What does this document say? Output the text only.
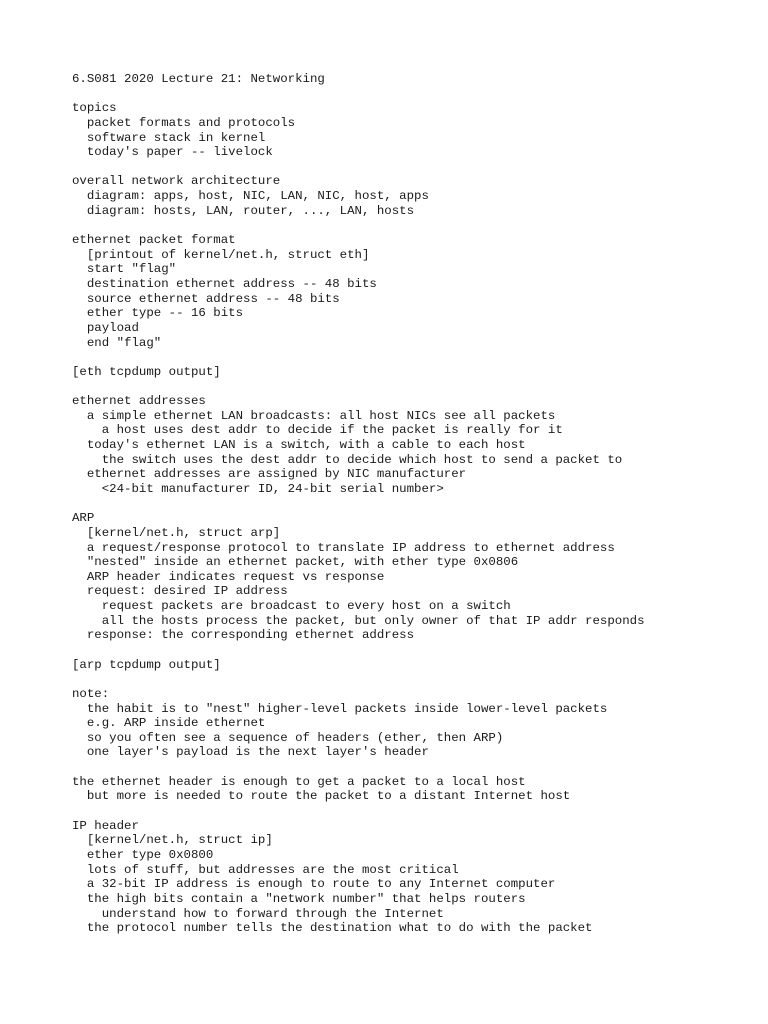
6.S081 2020 Lecture 21: Networking
topics
packet formats and protocols
software stack in kernel
today's paper -- livelock
overall network architecture
diagram: apps, host, NIC, LAN, NIC, host, apps
diagram: hosts, LAN, router, ..., LAN, hosts
ethernet packet format
[printout of kernel/net.h, struct eth]
start "flag"
destination ethernet address -- 48 bits
source ethernet address -- 48 bits
ether type -- 16 bits
payload
end "flag"
[eth tcpdump output]
ethernet addresses
a simple ethernet LAN broadcasts: all host NICs see all packets
a host uses dest addr to decide if the packet is really for it
today's ethernet LAN is a switch, with a cable to each host
the switch uses the dest addr to decide which host to send a packet to
ethernet addresses are assigned by NIC manufacturer
<24-bit manufacturer ID, 24-bit serial number>
ARP
[kernel/net.h, struct arp]
a request/response protocol to translate IP address to ethernet address
"nested" inside an ethernet packet, with ether type 0x0806
ARP header indicates request vs response
request: desired IP address
request packets are broadcast to every host on a switch
all the hosts process the packet, but only owner of that IP addr responds
response: the corresponding ethernet address
[arp tcpdump output]
note:
the habit is to "nest" higher-level packets inside lower-level packets
e.g. ARP inside ethernet
so you often see a sequence of headers (ether, then ARP)
one layer's payload is the next layer's header
the ethernet header is enough to get a packet to a local host
but more is needed to route the packet to a distant Internet host
IP header
[kernel/net.h, struct ip]
ether type 0x0800
lots of stuff, but addresses are the most critical
a 32-bit IP address is enough to route to any Internet computer
the high bits contain a "network number" that helps routers
understand how to forward through the Internet
the protocol number tells the destination what to do with the packet
